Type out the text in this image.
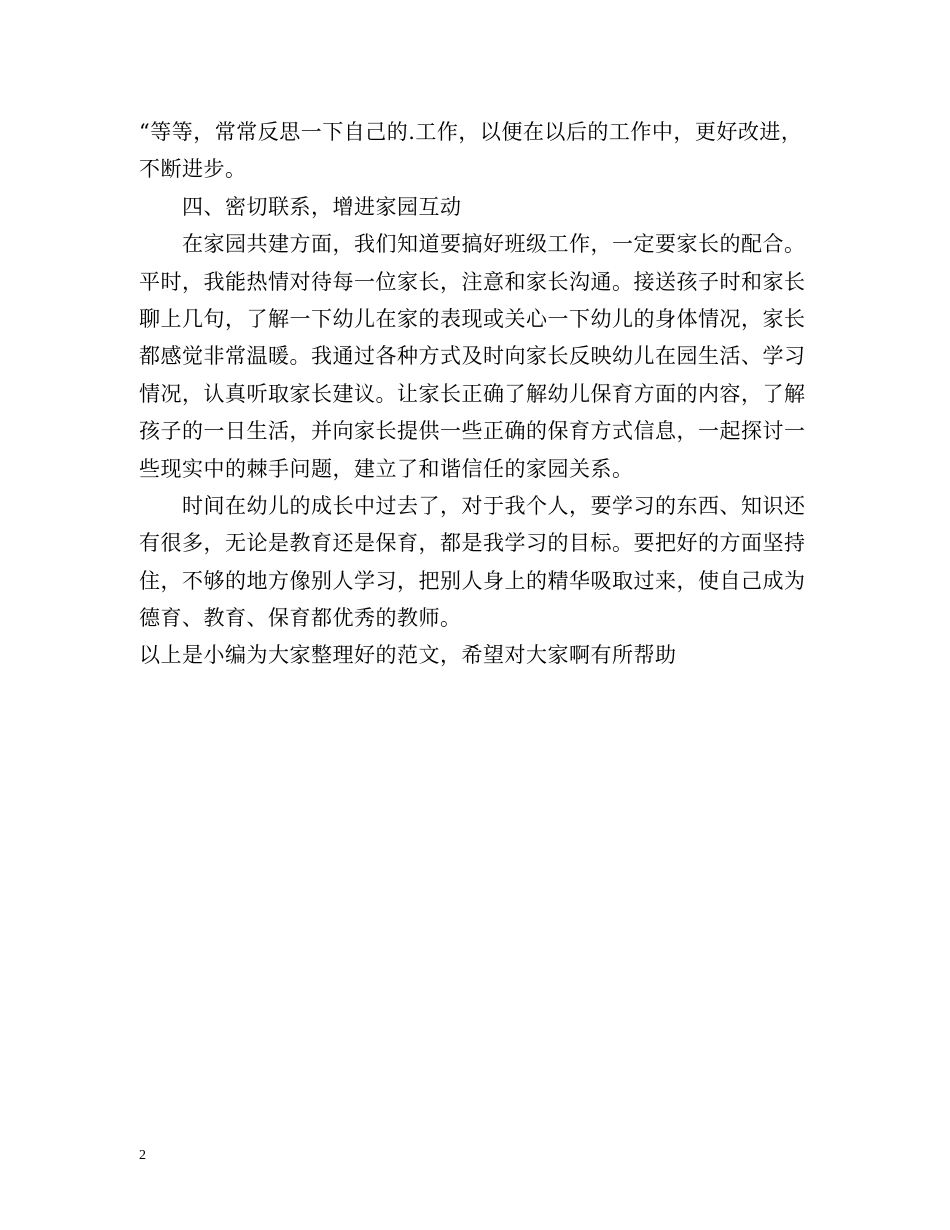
“等等，常常反思一下自己的.工作，以便在以后的工作中，更好改进，
不断进步。
四、密切联系，增进家园互动
在家园共建方面，我们知道要搞好班级工作，一定要家长的配合。
平时，我能热情对待每一位家长，注意和家长沟通。接送孩子时和家长
聊上几句，了解一下幼儿在家的表现或关心一下幼儿的身体情况，家长
都感觉非常温暖。我通过各种方式及时向家长反映幼儿在园生活、学习
情况，认真听取家长建议。让家长正确了解幼儿保育方面的内容，了解
孩子的一日生活，并向家长提供一些正确的保育方式信息，一起探讨一
些现实中的棘手问题，建立了和谐信任的家园关系。
时间在幼儿的成长中过去了，对于我个人，要学习的东西、知识还
有很多，无论是教育还是保育，都是我学习的目标。要把好的方面坚持
住，不够的地方像别人学习，把别人身上的精华吸取过来，使自己成为
德育、教育、保育都优秀的教师。
以上是小编为大家整理好的范文，希望对大家啊有所帮助
2
